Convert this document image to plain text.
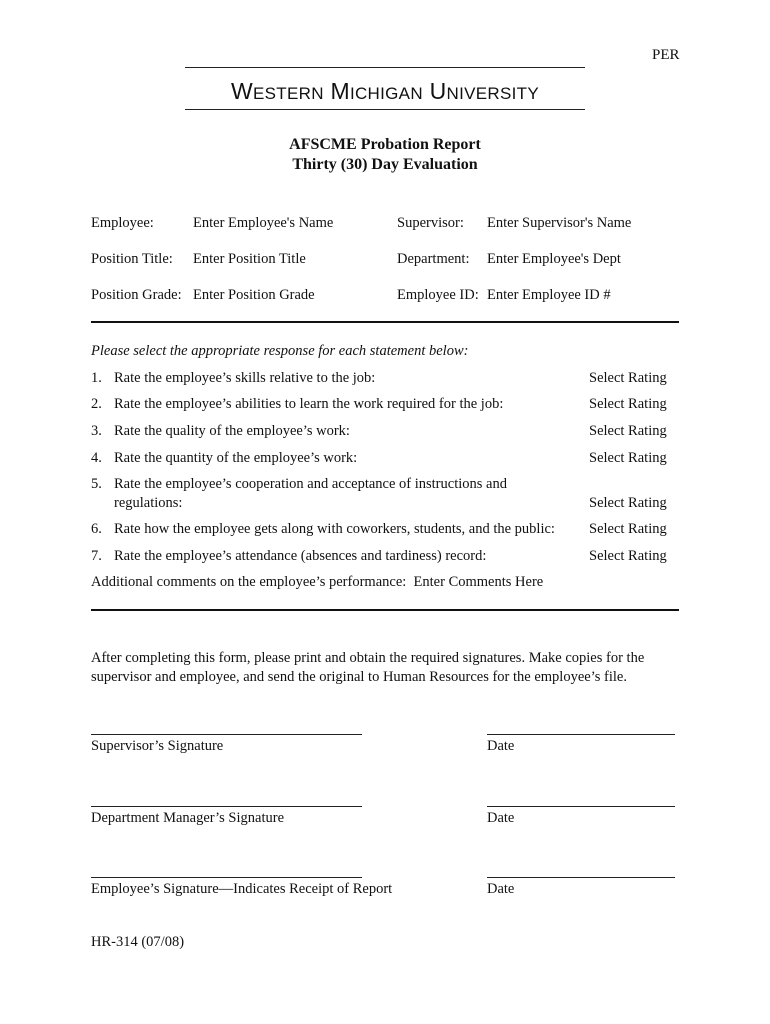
PER
WESTERN MICHIGAN UNIVERSITY
AFSCME Probation Report
Thirty (30) Day Evaluation
Employee:	Enter Employee's Name	Supervisor: Enter Supervisor's Name
Position Title: Enter Position Title	Department: Enter Employee's Dept
Position Grade: Enter Position Grade	Employee ID: Enter Employee ID #
Please select the appropriate response for each statement below:
1. Rate the employee’s skills relative to the job:	Select Rating
2. Rate the employee’s abilities to learn the work required for the job:	Select Rating
3. Rate the quality of the employee’s work:	Select Rating
4. Rate the quantity of the employee’s work:	Select Rating
5. Rate the employee’s cooperation and acceptance of instructions and
regulations:	Select Rating
6. Rate how the employee gets along with coworkers, students, and the public: Select Rating
7. Rate the employee’s attendance (absences and tardiness) record:	Select Rating
Additional comments on the employee’s performance: Enter Comments Here
After completing this form, please print and obtain the required signatures. Make copies for the supervisor and employee, and send the original to Human Resources for the employee’s file.
Supervisor’s Signature	Date
Department Manager’s Signature	Date
Employee’s Signature—Indicates Receipt of Report	Date
HR-314 (07/08)
